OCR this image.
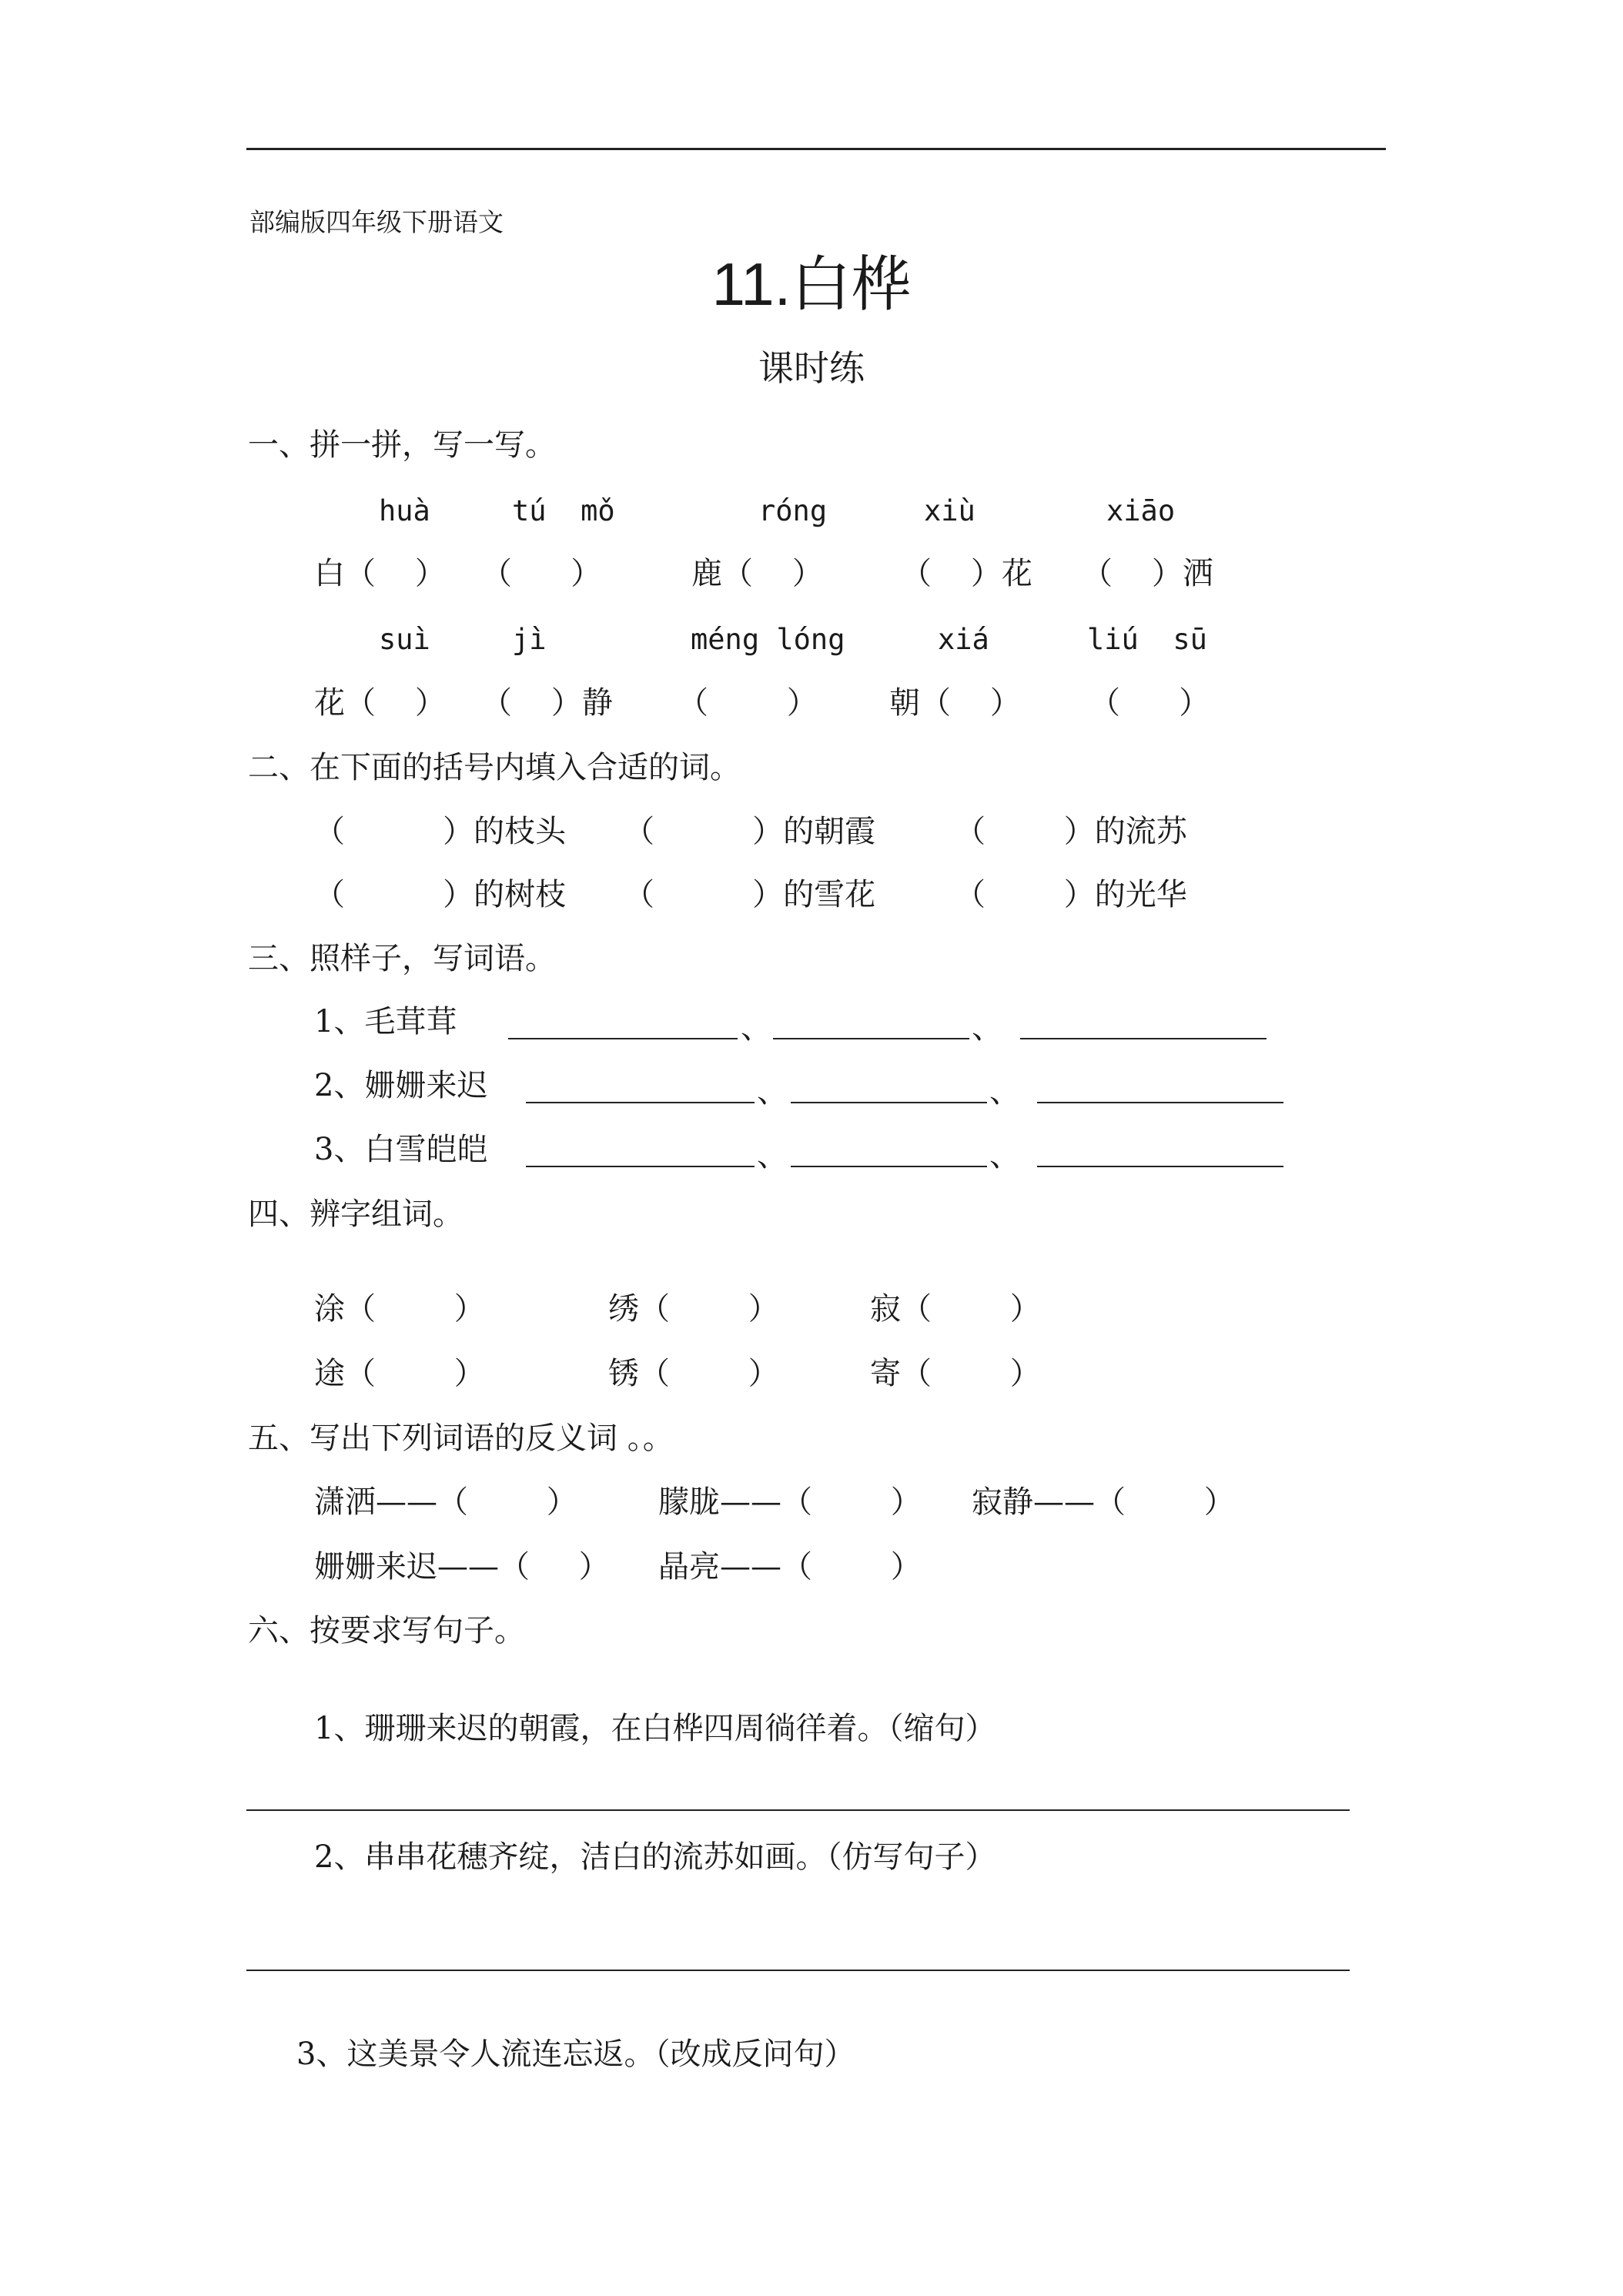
部编版四年级下册语文
11.白桦
课时练
一、拼一拼，写一写。
huà	tú  mǒ	róng	xiù	xiāo
白（    ） （      ）	鹿（    ）	（    ）花 （    ）洒
suì	jì	méng lóng	xiá	liú  sū
花（    ） （    ）静 （        ） 朝（    ） （      ）
二、在下面的括号内填入合适的词。
（          ）的枝头 （          ）的朝霞	（        ）的流苏
（          ）的树枝 （          ）的雪花	（        ）的光华
三、照样子，写词语。
1、毛茸茸	、	、
2、姗姗来迟	、	、
3、白雪皑皑	、	、
四、辨字组词。
涂（        ）	绣（        ）	寂（        ）
途（        ）	锈（        ）	寄（        ）
五、写出下列词语的反义词 。。
潇洒——（        ）	朦胧——（        ） 寂静——（        ）
姗姗来迟——（     ） 晶亮——（        ）
六、按要求写句子。
1、珊珊来迟的朝霞，在白桦四周徜徉着。（缩句）
2、串串花穗齐绽，洁白的流苏如画。（仿写句子）
3、这美景令人流连忘返。（改成反问句）
